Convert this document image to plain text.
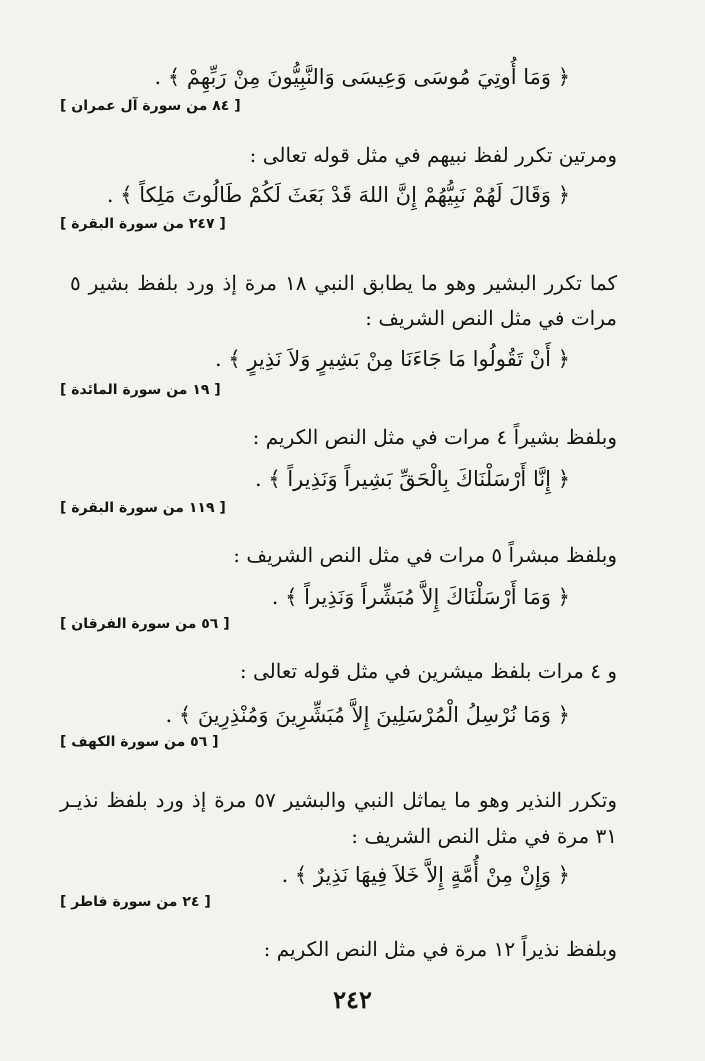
﴿ وَمَا أُوتِيَ مُوسَى وَعِيسَى وَالنَّبِيُّونَ مِنْ رَبِّهِمْ ﴾ .
[ ٨٤ من سورة آل عمران ]
ومرتين تكرر لفظ نبيهم في مثل قوله تعالى :
﴿ وَقَالَ لَهُمْ نَبِيُّهُمْ إِنَّ اللهَ قَدْ بَعَثَ لَكُمْ طَالُوتَ مَلِكاً ﴾ .
[ ٢٤٧ من سورة البقرة ]
كما تكرر البشير وهو ما يطابق النبي ١٨ مرة إذ ورد بلفظ بشير ٥ مرات في مثل النص الشريف :
﴿ أَنْ تَقُولُوا مَا جَاءَنَا مِنْ بَشِيرٍ وَلاَ نَذِيرٍ ﴾ .
[ ١٩ من سورة المائدة ]
وبلفظ بشيراً ٤ مرات في مثل النص الكريم :
﴿ إِنَّا أَرْسَلْنَاكَ بِالْحَقِّ بَشِيراً وَنَذِيراً ﴾ .
[ ١١٩ من سورة البقرة ]
وبلفظ مبشراً ٥ مرات في مثل النص الشريف :
﴿ وَمَا أَرْسَلْنَاكَ إِلاَّ مُبَشِّراً وَنَذِيراً ﴾ .
[ ٥٦ من سورة الفرقان ]
و ٤ مرات بلفظ ميشرين في مثل قوله تعالى :
﴿ وَمَا نُرْسِلُ الْمُرْسَلِينَ إِلاَّ مُبَشِّرِينَ وَمُنْذِرِينَ ﴾ .
[ ٥٦ من سورة الكهف ]
وتكرر النذير وهو ما يماثل النبي والبشير ٥٧ مرة إذ ورد بلفظ نذيـر ٣١ مرة في مثل النص الشريف :
﴿ وَإِنْ مِنْ أُمَّةٍ إِلاَّ خَلاَ فِيهَا نَذِيرٌ ﴾ .
[ ٢٤ من سورة فاطر ]
وبلفظ نذيراً ١٢ مرة في مثل النص الكريم :
٢٤٢
